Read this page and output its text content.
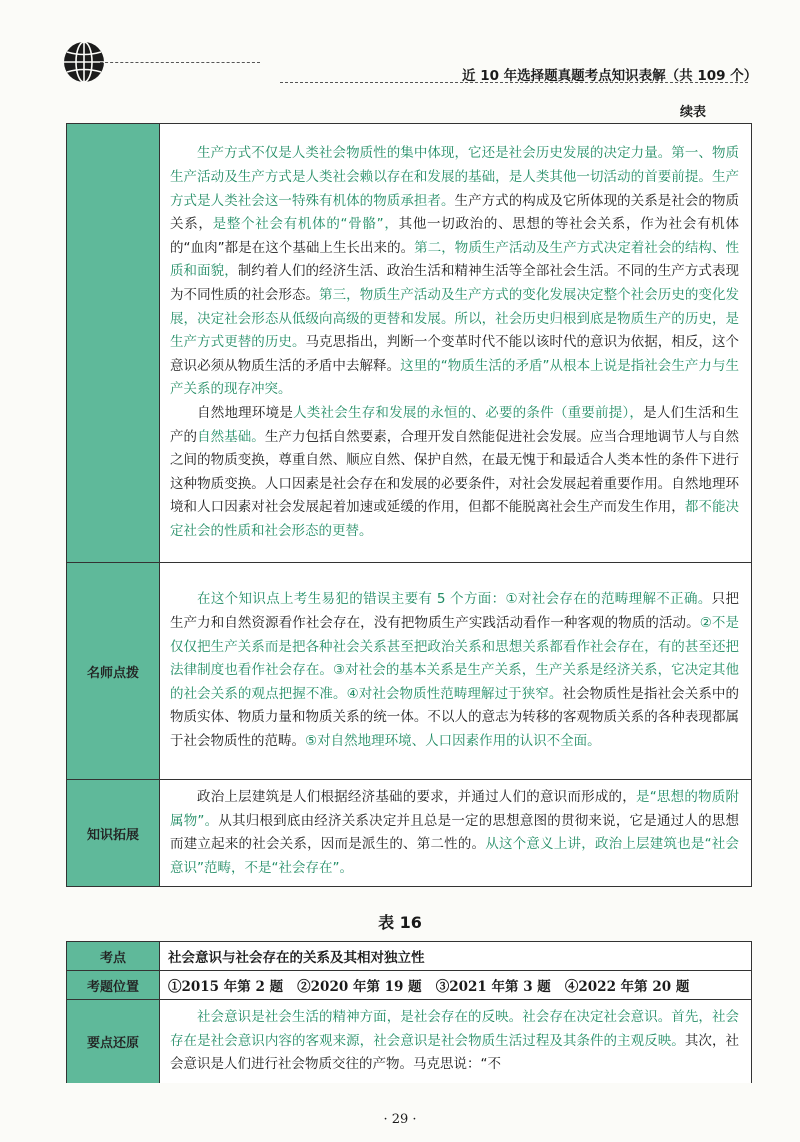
近 10 年选择题真题考点知识表解（共 109 个）
续表

	生产方式不仅是人类社会物质性的集中体现，它还是社会历史发展的决定力量。第一、物质生产活动及生产方式是人类社会赖以存在和发展的基础，是人类其他一切活动的首要前提。生产方式是人类社会这一特殊有机体的物质承担者。生产方式的构成及它所体现的关系是社会的物质关系，是整个社会有机体的“骨骼”，其他一切政治的、思想的等社会关系，作为社会有机体的“血肉”都是在这个基础上生长出来的。第二，物质生产活动及生产方式决定着社会的结构、性质和面貌，制约着人们的经济生活、政治生活和精神生活等全部社会生活。不同的生产方式表现为不同性质的社会形态。第三，物质生产活动及生产方式的变化发展决定整个社会历史的变化发展，决定社会形态从低级向高级的更替和发展。所以，社会历史归根到底是物质生产的历史，是生产方式更替的历史。马克思指出，判断一个变革时代不能以该时代的意识为依据，相反，这个意识必须从物质生活的矛盾中去解释。这里的“物质生活的矛盾”从根本上说是指社会生产力与生产关系的现存冲突。

自然地理环境是人类社会生存和发展的永恒的、必要的条件（重要前提），是人们生活和生产的自然基础。生产力包括自然要素，合理开发自然能促进社会发展。应当合理地调节人与自然之间的物质变换，尊重自然、顺应自然、保护自然，在最无愧于和最适合人类本性的条件下进行这种物质变换。人口因素是社会存在和发展的必要条件，对社会发展起着重要作用。自然地理环境和人口因素对社会发展起着加速或延缓的作用，但都不能脱离社会生产而发生作用，都不能决定社会的性质和社会形态的更替。

名师点拨	在这个知识点上考生易犯的错误主要有 5 个方面：①对社会存在的范畴理解不正确。只把生产力和自然资源看作社会存在，没有把物质生产实践活动看作一种客观的物质的活动。②不是仅仅把生产关系而是把各种社会关系甚至把政治关系和思想关系都看作社会存在，有的甚至还把法律制度也看作社会存在。③对社会的基本关系是生产关系，生产关系是经济关系，它决定其他的社会关系的观点把握不准。④对社会物质性范畴理解过于狭窄。社会物质性是指社会关系中的物质实体、物质力量和物质关系的统一体。不以人的意志为转移的客观物质关系的各种表现都属于社会物质性的范畴。⑤对自然地理环境、人口因素作用的认识不全面。

知识拓展	政治上层建筑是人们根据经济基础的要求，并通过人们的意识而形成的，是“思想的物质附属物”。从其归根到底由经济关系决定并且总是一定的思想意图的贯彻来说，它是通过人的思想而建立起来的社会关系，因而是派生的、第二性的。从这个意义上讲，政治上层建筑也是“社会意识”范畴，不是“社会存在”。

表 16
考点	社会意识与社会存在的关系及其相对独立性
考题位置	①2015 年第 2 题   ②2020 年第 19 题   ③2021 年第 3 题   ④2022 年第 20 题
要点还原	社会意识是社会生活的精神方面，是社会存在的反映。社会存在决定社会意识。首先，社会存在是社会意识内容的客观来源，社会意识是社会物质生活过程及其条件的主观反映。其次，社会意识是人们进行社会物质交往的产物。马克思说：“不

· 29 ·
